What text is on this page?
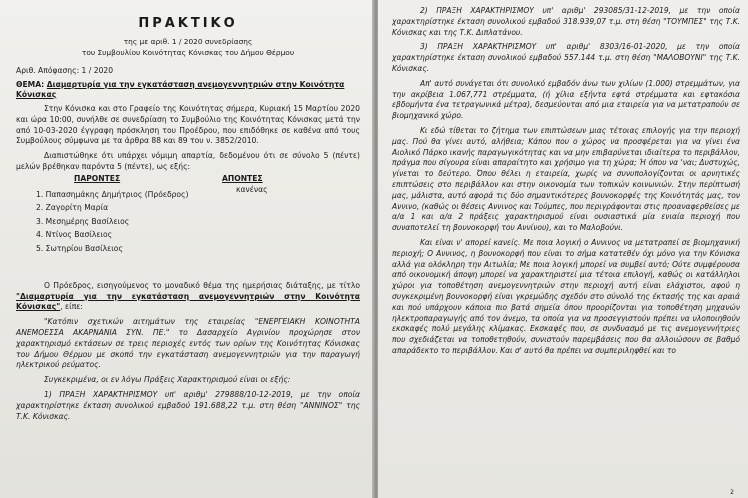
ΠΡΑΚΤΙΚΟ
της με αριθ. 1 / 2020 συνεδρίασης
του Συμβουλίου Κοινότητας Κόνισκας του Δήμου Θέρμου
Αριθ. Απόφασης: 1 / 2020
ΘΕΜΑ: Διαμαρτυρία για την εγκατάσταση ανεμογεννητριών στην Κοινότητα Κόνισκας

Στην Κόνισκα και στο Γραφείο της Κοινότητας σήμερα, Κυριακή 15 Μαρτίου 2020 και ώρα 10:00, συνήλθε σε συνεδρίαση το Συμβούλιο της Κοινότητας Κόνισκας μετά την από 10-03-2020 έγγραφη πρόσκληση του Προέδρου, που επιδόθηκε σε καθένα από τους Συμβούλους σύμφωνα με τα άρθρα 88 και 89 του ν. 3852/2010.

Διαπιστώθηκε ότι υπάρχει νόμιμη απαρτία, δεδομένου ότι σε σύνολο 5 (πέντε) μελών βρέθηκαν παρόντα 5 (πέντε), ως εξής:

ΠΑΡΟΝΤΕΣ	ΑΠΟΝΤΕΣ
κανένας
1. Παπασημάκης Δημήτριος (Πρόεδρος)
2. Ζαγορίτη Μαρία
3. Μεσημέρης Βασίλειος
4. Ντίνος Βασίλειος
5. Σωτηρίου Βασίλειος

Ο Πρόεδρος, εισηγούμενος το μοναδικό θέμα της ημερήσιας διάταξης, με τίτλο "Διαμαρτυρία για την εγκατάσταση ανεμογεννητριών στην Κοινότητα Κόνισκας", είπε:

"Κατόπιν σχετικών αιτημάτων της εταιρείας "ΕΝΕΡΓΕΙΑΚΗ ΚΟΙΝΟΤΗΤΑ ΑΝΕΜΟΕΣΣΑ ΑΚΑΡΝΑΝΙΑ ΣΥΝ. ΠΕ." το Δασαρχείο Αγρινίου προχώρησε στον χαρακτηρισμό εκτάσεων σε τρεις περιοχές εντός των ορίων της Κοινότητας Κόνισκας του Δήμου Θέρμου με σκοπό την εγκατάσταση ανεμογεννητριών για την παραγωγή ηλεκτρικού ρεύματος.

Συγκεκριμένα, οι εν λόγω Πράξεις Χαρακτηρισμού είναι οι εξής:

1) ΠΡΑΞΗ ΧΑΡΑΚΤΗΡΙΣΜΟΥ υπ' αριθμ' 279888/10-12-2019, με την οποία χαρακτηρίστηκε έκταση συνολικού εμβαδού 191.688,22 τ.μ. στη θέση "ΑΝΝΙΝΟΣ" της Τ.Κ. Κόνισκας.

2) ΠΡΑΞΗ ΧΑΡΑΚΤΗΡΙΣΜΟΥ υπ' αριθμ' 293085/31-12-2019, με την οποία χαρακτηρίστηκε έκταση συνολικού εμβαδού 318.939,07 τ.μ. στη θέση "ΤΟΥΜΠΕΣ" της Τ.Κ. Κόνισκας και της Τ.Κ. Διπλατάνου.

3) ΠΡΑΞΗ ΧΑΡΑΚΤΗΡΙΣΜΟΥ υπ' αριθμ' 8303/16-01-2020, με την οποία χαρακτηρίστηκε έκταση συνολικού εμβαδού 557.144 τ.μ. στη θέση "ΜΑΛΟΒΟΥΝΙ" της Τ.Κ. Κόνισκας.

Απ' αυτό συνάγεται ότι συνολικό εμβαδόν άνω των χιλίων (1.000) στρεμμάτων, για την ακρίβεια 1.067,771 στρέμματα, (ή χίλια εξήντα εφτά στρέμματα και εφτακόσια εβδομήντα ένα τετραγωνικά μέτρα), δεσμεύονται από μια εταιρεία για να μετατραπούν σε βιομηχανικό χώρο.

Κι εδώ τίθεται το ζήτημα των επιπτώσεων μιας τέτοιας επιλογής για την περιοχή μας. Πού θα γίνει αυτό, αλήθεια; Κάπου που ο χώρος να προσφέρεται για να γίνει ένα Αιολικό Πάρκο ικανής παραγωγικότητας και να μην επιβαρύνεται ιδιαίτερα το περιβάλλον, πράγμα που σίγουρα είναι απαραίτητο και χρήσιμο για τη χώρα; Ή όπου να 'ναι; Δυστυχώς, γίνεται το δεύτερο. Όπου θέλει η εταιρεία, χωρίς να συνυπολογίζονται οι αρνητικές επιπτώσεις στο περιβάλλον και στην οικονομία των τοπικών κοινωνιών. Στην περίπτωσή μας, μάλιστα, αυτό αφορά τις δύο σημαντικότερες βουνοκορφές της Κοινότητάς μας, τον Αννινο, (καθώς οι θέσεις Αννινος και Τούμπες, που περιγράφονται στις προαναφερθείσες με α/α 1 και α/α 2 πράξεις χαρακτηρισμού είναι ουσιαστικά μία ενιαία περιοχή που συναποτελεί τη βουνοκορφή του Αννίνου), και το Μαλοβούνι.

Και είναι ν' απορεί κανείς. Με ποια λογική ο Αννινος να μετατραπεί σε βιομηχανική περιοχή; Ο Αννινος, η βουνοκορφή που είναι το σήμα κατατεθέν όχι μόνο για την Κόνισκα αλλά για ολόκληρη την Αιτωλία; Με ποια λογική μπορεί να συμβεί αυτό; Ούτε συμφέρουσα από οικονομική άποψη μπορεί να χαρακτηριστεί μια τέτοια επιλογή, καθώς οι κατάλληλοι χώροι για τοποθέτηση ανεμογεννητριών στην περιοχή αυτή είναι ελάχιστοι, αφού η συγκεκριμένη βουνοκορφή είναι γκρεμώδης σχεδόν στο σύνολό της έκτασής της και αραιά και πού υπάρχουν κάποια πιο βατά σημεία όπου προορίζονται για τοποθέτηση μηχανών ηλεκτροπαραγωγής από τον άνεμο, τα οποία για να προσεγγιστούν πρέπει να υλοποιηθούν εκσκαφές πολύ μεγάλης κλίμακας. Εκσκαφές που, σε συνδυασμό με τις ανεμογεννήτριες που σχεδιάζεται να τοποθετηθούν, συνιστούν παρεμβάσεις που θα αλλοιώσουν σε βαθμό απαράδεκτο το περιβάλλον. Και σ' αυτό θα πρέπει να συμπεριληφθεί και το

2
